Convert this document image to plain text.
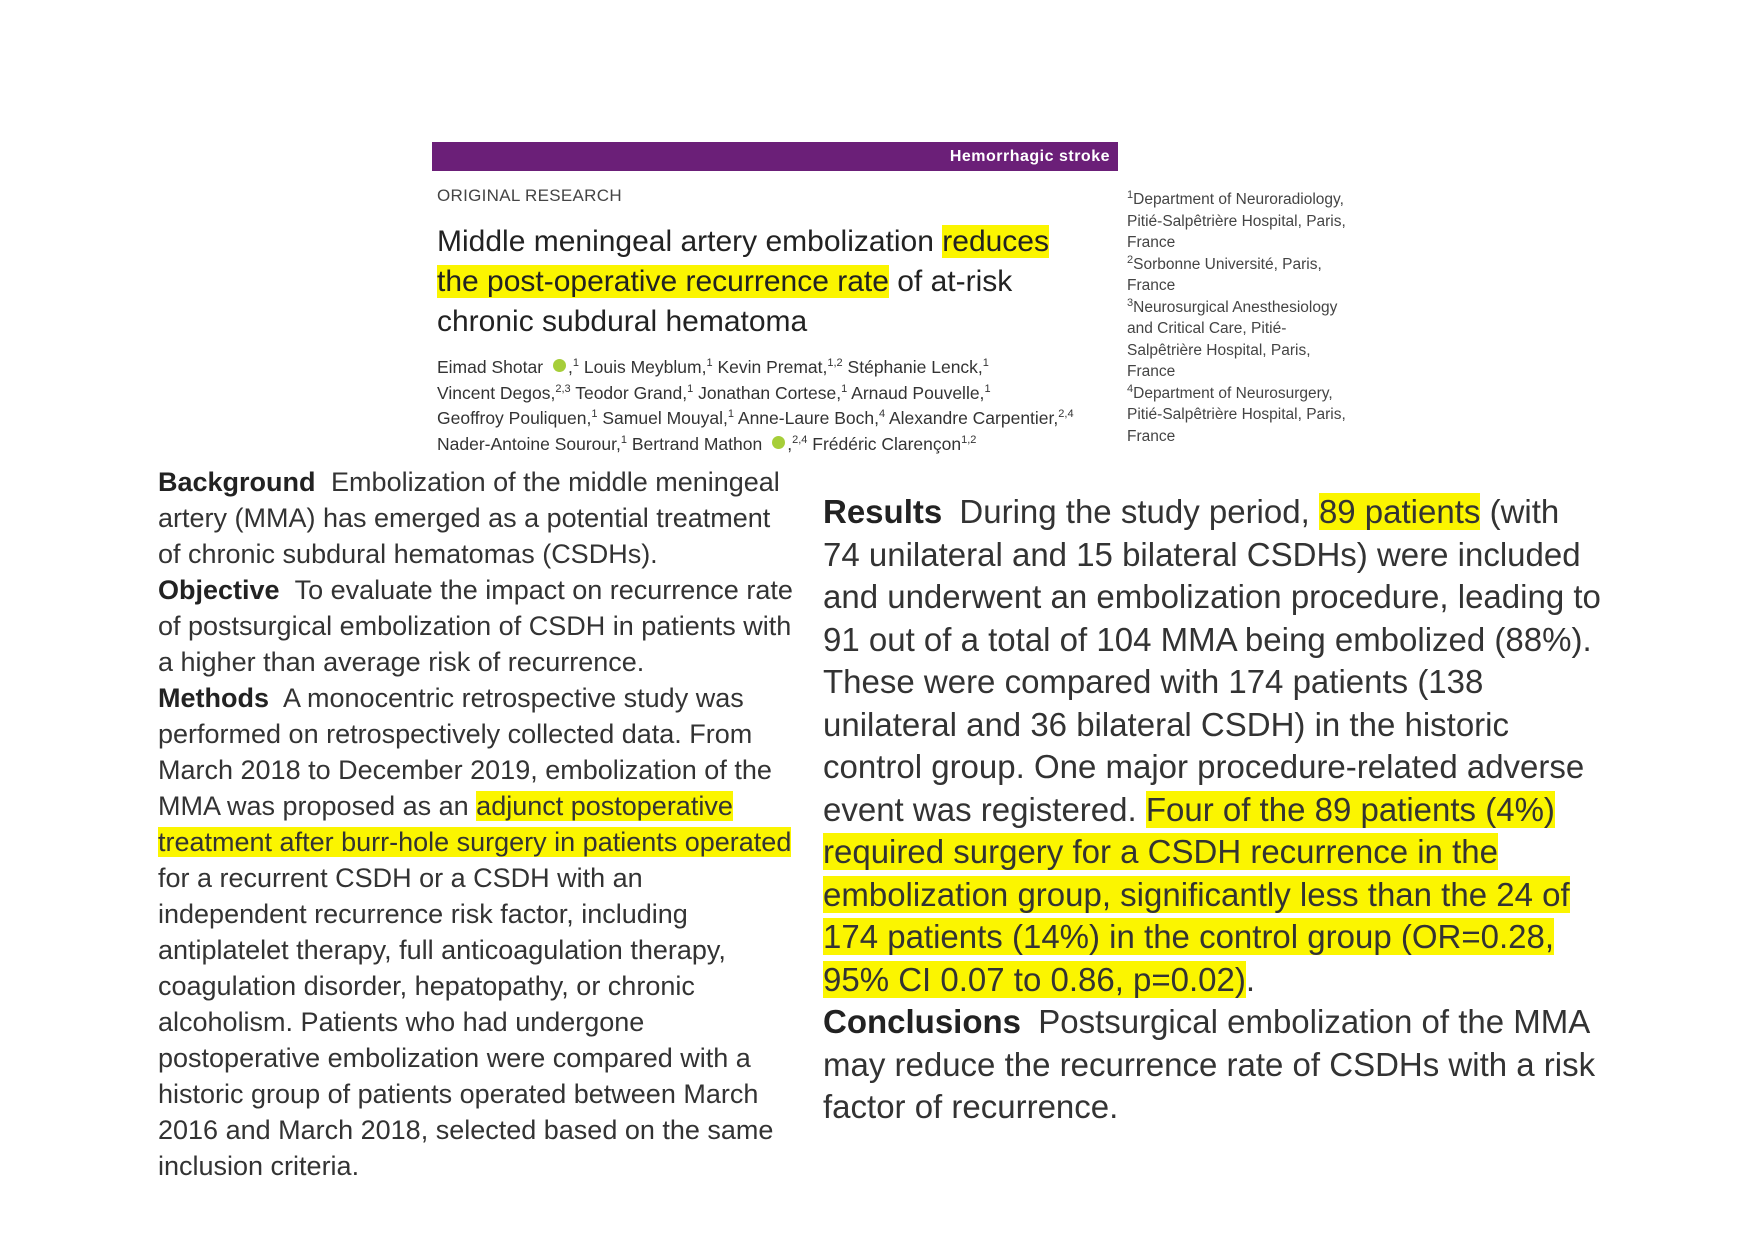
Hemorrhagic stroke
ORIGINAL RESEARCH
Middle meningeal artery embolization reduces the post-operative recurrence rate of at-risk chronic subdural hematoma
Eimad Shotar ,$^1$ Louis Meyblum,$^1$ Kevin Premat,$^{1,2}$ Stéphanie Lenck,$^1$
Vincent Degos,$^{2,3}$ Teodor Grand,$^1$ Jonathan Cortese,$^1$ Arnaud Pouvelle,$^1$
Geoffroy Pouliquen,$^1$ Samuel Mouyal,$^1$ Anne-Laure Boch,$^4$ Alexandre Carpentier,$^{2,4}$
Nader-Antoine Sourour,$^1$ Bertrand Mathon ,$^{2,4}$ Frédéric Clarençon$^{1,2}$

$^1$Department of Neuroradiology, Pitié-Salpêtrière Hospital, Paris, France

$^2$Sorbonne Université, Paris, France

$^3$Neurosurgical Anesthesiology and Critical Care, Pitié-Salpêtrière Hospital, Paris, France

$^4$Department of Neurosurgery, Pitié-Salpêtrière Hospital, Paris, France

Background Embolization of the middle meningeal artery (MMA) has emerged as a potential treatment of chronic subdural hematomas (CSDHs).

Objective To evaluate the impact on recurrence rate of postsurgical embolization of CSDH in patients with a higher than average risk of recurrence.

Methods A monocentric retrospective study was performed on retrospectively collected data. From March 2018 to December 2019, embolization of the MMA was proposed as an adjunct postoperative treatment after burr-hole surgery in patients operated for a recurrent CSDH or a CSDH with an independent recurrence risk factor, including antiplatelet therapy, full anticoagulation therapy, coagulation disorder, hepatopathy, or chronic alcoholism. Patients who had undergone postoperative embolization were compared with a historic group of patients operated between March 2016 and March 2018, selected based on the same inclusion criteria.

Results During the study period, 89 patients (with 74 unilateral and 15 bilateral CSDHs) were included and underwent an embolization procedure, leading to 91 out of a total of 104 MMA being embolized (88%). These were compared with 174 patients (138 unilateral and 36 bilateral CSDH) in the historic control group. One major procedure-related adverse event was registered. Four of the 89 patients (4%) required surgery for a CSDH recurrence in the embolization group, significantly less than the 24 of 174 patients (14%) in the control group (OR=0.28, 95% CI 0.07 to 0.86, p=0.02).

Conclusions Postsurgical embolization of the MMA may reduce the recurrence rate of CSDHs with a risk factor of recurrence.
